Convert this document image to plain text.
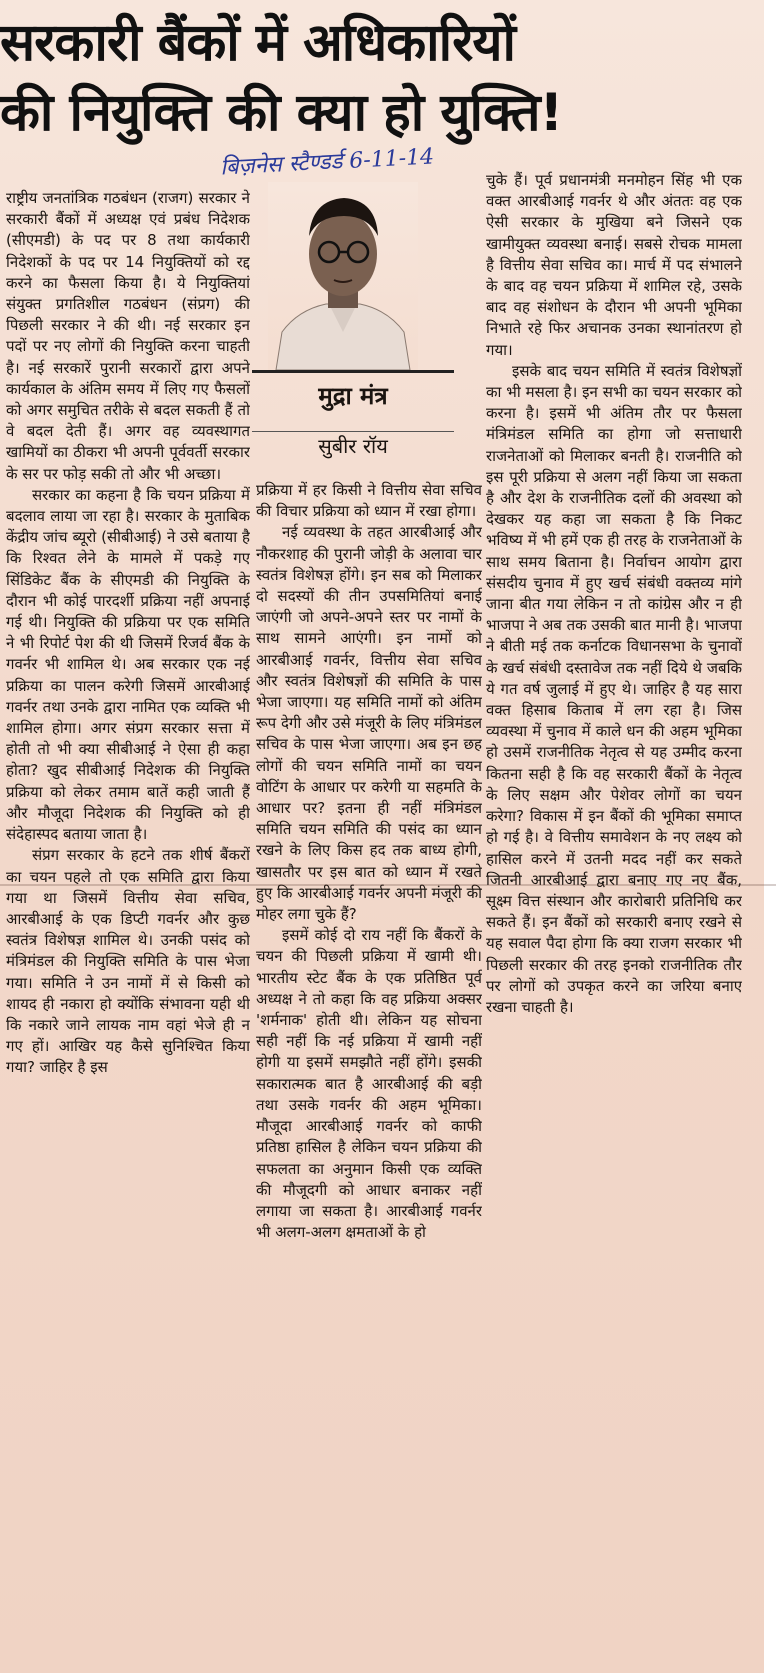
सरकारी बैंकों में अधिकारियों
की नियुक्ति की क्या हो युक्ति!
बिज़नेस स्टैण्डर्ड 6-11-14

राष्ट्रीय जनतांत्रिक गठबंधन (राजग) सरकार ने सरकारी बैंकों में अध्यक्ष एवं प्रबंध निदेशक (सीएमडी) के पद पर 8 तथा कार्यकारी निदेशकों के पद पर 14 नियुक्तियों को रद्द करने का फैसला किया है। ये नियुक्तियां संयुक्त प्रगतिशील गठबंधन (संप्रग) की पिछली सरकार ने की थी। नई सरकार इन पदों पर नए लोगों की नियुक्ति करना चाहती है। नई सरकारें पुरानी सरकारों द्वारा अपने कार्यकाल के अंतिम समय में लिए गए फैसलों को अगर समुचित तरीके से बदल सकती हैं तो वे बदल देती हैं। अगर वह व्यवस्थागत खामियों का ठीकरा भी अपनी पूर्ववर्ती सरकार के सर पर फोड़ सकी तो और भी अच्छा।

सरकार का कहना है कि चयन प्रक्रिया में बदलाव लाया जा रहा है। सरकार के मुताबिक केंद्रीय जांच ब्यूरो (सीबीआई) ने उसे बताया है कि रिश्वत लेने के मामले में पकड़े गए सिंडिकेट बैंक के सीएमडी की नियुक्ति के दौरान भी कोई पारदर्शी प्रक्रिया नहीं अपनाई गई थी। नियुक्ति की प्रक्रिया पर एक समिति ने भी रिपोर्ट पेश की थी जिसमें रिजर्व बैंक के गवर्नर भी शामिल थे। अब सरकार एक नई प्रक्रिया का पालन करेगी जिसमें आरबीआई गवर्नर तथा उनके द्वारा नामित एक व्यक्ति भी शामिल होगा। अगर संप्रग सरकार सत्ता में होती तो भी क्या सीबीआई ने ऐसा ही कहा होता? खुद सीबीआई निदेशक की नियुक्ति प्रक्रिया को लेकर तमाम बातें कही जाती हैं और मौजूदा निदेशक की नियुक्ति को ही संदेहास्पद बताया जाता है।

संप्रग सरकार के हटने तक शीर्ष बैंकरों का चयन पहले तो एक समिति द्वारा किया गया था जिसमें वित्तीय सेवा सचिव, आरबीआई के एक डिप्टी गवर्नर और कुछ स्वतंत्र विशेषज्ञ शामिल थे। उनकी पसंद को मंत्रिमंडल की नियुक्ति समिति के पास भेजा गया। समिति ने उन नामों में से किसी को शायद ही नकारा हो क्योंकि संभावना यही थी कि नकारे जाने लायक नाम वहां भेजे ही न गए हों। आखिर यह कैसे सुनिश्चित किया गया? जाहिर है इस

मुद्रा मंत्र
सुबीर रॉय

प्रक्रिया में हर किसी ने वित्तीय सेवा सचिव की विचार प्रक्रिया को ध्यान में रखा होगा।

नई व्यवस्था के तहत आरबीआई और नौकरशाह की पुरानी जोड़ी के अलावा चार स्वतंत्र विशेषज्ञ होंगे। इन सब को मिलाकर दो सदस्यों की तीन उपसमितियां बनाई जाएंगी जो अपने-अपने स्तर पर नामों के साथ सामने आएंगी। इन नामों को आरबीआई गवर्नर, वित्तीय सेवा सचिव और स्वतंत्र विशेषज्ञों की समिति के पास भेजा जाएगा। यह समिति नामों को अंतिम रूप देगी और उसे मंजूरी के लिए मंत्रिमंडल सचिव के पास भेजा जाएगा। अब इन छह लोगों की चयन समिति नामों का चयन वोटिंग के आधार पर करेगी या सहमति के आधार पर? इतना ही नहीं मंत्रिमंडल समिति चयन समिति की पसंद का ध्यान रखने के लिए किस हद तक बाध्य होगी, खासतौर पर इस बात को ध्यान में रखते हुए कि आरबीआई गवर्नर अपनी मंजूरी की मोहर लगा चुके हैं?

इसमें कोई दो राय नहीं कि बैंकरों के चयन की पिछली प्रक्रिया में खामी थी। भारतीय स्टेट बैंक के एक प्रतिष्ठित पूर्व अध्यक्ष ने तो कहा कि वह प्रक्रिया अक्सर 'शर्मनाक' होती थी। लेकिन यह सोचना सही नहीं कि नई प्रक्रिया में खामी नहीं होगी या इसमें समझौते नहीं होंगे। इसकी सकारात्मक बात है आरबीआई की बड़ी तथा उसके गवर्नर की अहम भूमिका। मौजूदा आरबीआई गवर्नर को काफी प्रतिष्ठा हासिल है लेकिन चयन प्रक्रिया की सफलता का अनुमान किसी एक व्यक्ति की मौजूदगी को आधार बनाकर नहीं लगाया जा सकता है। आरबीआई गवर्नर भी अलग-अलग क्षमताओं के हो

चुके हैं। पूर्व प्रधानमंत्री मनमोहन सिंह भी एक वक्त आरबीआई गवर्नर थे और अंततः वह एक ऐसी सरकार के मुखिया बने जिसने एक खामीयुक्त व्यवस्था बनाई। सबसे रोचक मामला है वित्तीय सेवा सचिव का। मार्च में पद संभालने के बाद वह चयन प्रक्रिया में शामिल रहे, उसके बाद वह संशोधन के दौरान भी अपनी भूमिका निभाते रहे फिर अचानक उनका स्थानांतरण हो गया।

इसके बाद चयन समिति में स्वतंत्र विशेषज्ञों का भी मसला है। इन सभी का चयन सरकार को करना है। इसमें भी अंतिम तौर पर फैसला मंत्रिमंडल समिति का होगा जो सत्ताधारी राजनेताओं को मिलाकर बनती है। राजनीति को इस पूरी प्रक्रिया से अलग नहीं किया जा सकता है और देश के राजनीतिक दलों की अवस्था को देखकर यह कहा जा सकता है कि निकट भविष्य में भी हमें एक ही तरह के राजनेताओं के साथ समय बिताना है। निर्वाचन आयोग द्वारा संसदीय चुनाव में हुए खर्च संबंधी वक्तव्य मांगे जाना बीत गया लेकिन न तो कांग्रेस और न ही भाजपा ने अब तक उसकी बात मानी है। भाजपा ने बीती मई तक कर्नाटक विधानसभा के चुनावों के खर्च संबंधी दस्तावेज तक नहीं दिये थे जबकि ये गत वर्ष जुलाई में हुए थे। जाहिर है यह सारा वक्त हिसाब किताब में लग रहा है। जिस व्यवस्था में चुनाव में काले धन की अहम भूमिका हो उसमें राजनीतिक नेतृत्व से यह उम्मीद करना कितना सही है कि वह सरकारी बैंकों के नेतृत्व के लिए सक्षम और पेशेवर लोगों का चयन करेगा? विकास में इन बैंकों की भूमिका समाप्त हो गई है। वे वित्तीय समावेशन के नए लक्ष्य को हासिल करने में उतनी मदद नहीं कर सकते जितनी आरबीआई द्वारा बनाए गए नए बैंक, सूक्ष्म वित्त संस्थान और कारोबारी प्रतिनिधि कर सकते हैं। इन बैंकों को सरकारी बनाए रखने से यह सवाल पैदा होगा कि क्या राजग सरकार भी पिछली सरकार की तरह इनको राजनीतिक तौर पर लोगों को उपकृत करने का जरिया बनाए रखना चाहती है।
